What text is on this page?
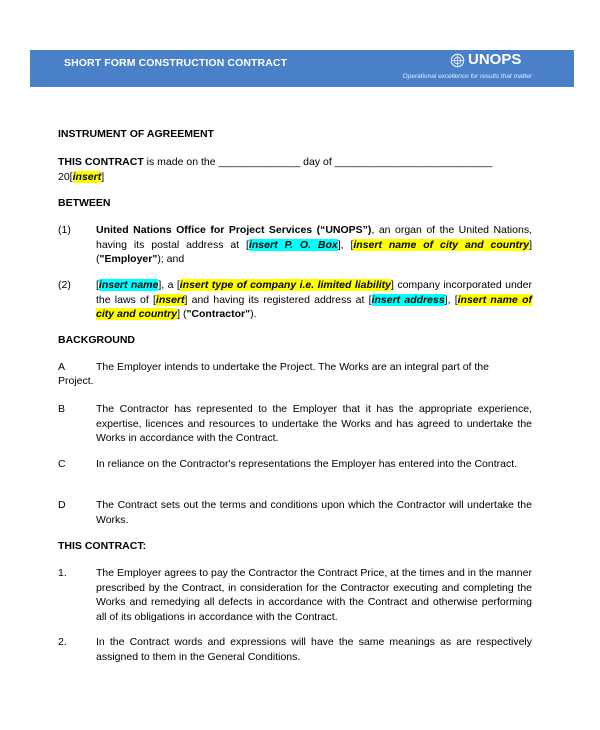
SHORT FORM CONSTRUCTION CONTRACT	UNOPS
Operational excellence for results that matter
INSTRUMENT OF AGREEMENT
THIS CONTRACT is made on the ______________ day of ___________________________
20[insert]
BETWEEN
(1) United Nations Office for Project Services (“UNOPS”), an organ of the United Nations, having its postal address at [insert P. O. Box], [insert name of city and country] ("Employer"); and
(2) [insert name], a [insert type of company i.e. limited liability] company incorporated under the laws of [insert] and having its registered address at [insert address], [insert name of city and country] ("Contractor").
BACKGROUND
A	The Employer intends to undertake the Project. The Works are an integral part of the
Project.
B	The Contractor has represented to the Employer that it has the appropriate experience, expertise, licences and resources to undertake the Works and has agreed to undertake the Works in accordance with the Contract.
C	In reliance on the Contractor's representations the Employer has entered into the Contract.
D	The Contract sets out the terms and conditions upon which the Contractor will undertake the Works.
THIS CONTRACT:
1.	The Employer agrees to pay the Contractor the Contract Price, at the times and in the manner prescribed by the Contract, in consideration for the Contractor executing and completing the Works and remedying all defects in accordance with the Contract and otherwise performing all of its obligations in accordance with the Contract.
2.	In the Contract words and expressions will have the same meanings as are respectively assigned to them in the General Conditions.
